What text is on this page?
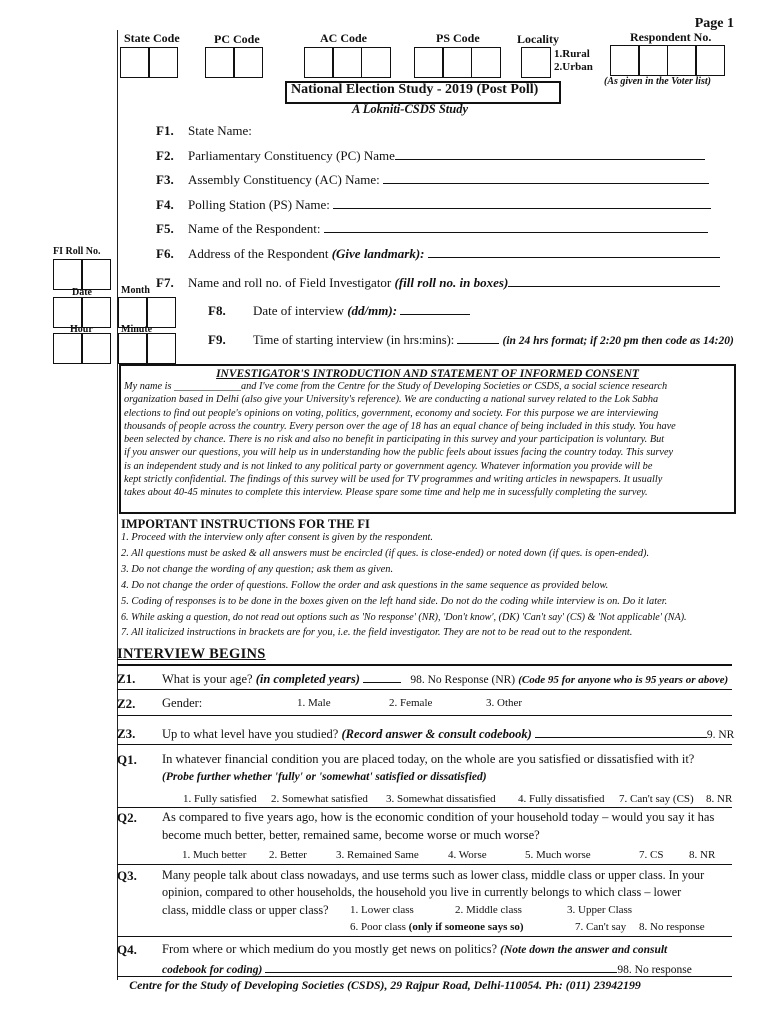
Page 1
State Code	PC Code	AC Code	PS Code	Locality	Respondent No.
1.Rural
2.Urban
(As given in the Voter list)
National Election Study - 2019 (Post Poll)
A Lokniti-CSDS Study
FI Roll No.
Date	Month
Hour	Minute
F1. State Name:
F2. Parliamentary Constituency (PC) Name
F3. Assembly Constituency (AC) Name:
F4. Polling Station (PS) Name:
F5. Name of the Respondent:
F6. Address of the Respondent (Give landmark):
F7. Name and roll no. of Field Investigator (fill roll no. in boxes)
F8. Date of interview (dd/mm):
F9. Time of starting interview (in hrs:mins):	(in 24 hrs format; if 2:20 pm then code as 14:20)
INVESTIGATOR'S INTRODUCTION AND STATEMENT OF INFORMED CONSENT
My name is _____________and I've come from the Centre for the Study of Developing Societies or CSDS, a social science research
organization based in Delhi (also give your University's reference). We are conducting a national survey related to the Lok Sabha
elections to find out people's opinions on voting, politics, government, economy and society. For this purpose we are interviewing
thousands of people across the country. Every person over the age of 18 has an equal chance of being included in this study. You have
been selected by chance. There is no risk and also no benefit in participating in this survey and your participation is voluntary. But
if you answer our questions, you will help us in understanding how the public feels about issues facing the country today. This survey
is an independent study and is not linked to any political party or government agency. Whatever information you provide will be
kept strictly confidential. The findings of this survey will be used for TV programmes and writing articles in newspapers. It usually
takes about 40-45 minutes to complete this interview. Please spare some time and help me in sucessfully completing the survey.
IMPORTANT INSTRUCTIONS FOR THE FI
1. Proceed with the interview only after consent is given by the respondent.
2. All questions must be asked & all answers must be encircled (if ques. is close-ended) or noted down (if ques. is open-ended).
3. Do not change the wording of any question; ask them as given.
4. Do not change the order of questions. Follow the order and ask questions in the same sequence as provided below.
5. Coding of responses is to be done in the boxes given on the left hand side. Do not do the coding while interview is on. Do it later.
6. While asking a question, do not read out options such as 'No response' (NR), 'Don't know', (DK) 'Can't say' (CS) & 'Not applicable' (NA).
7. All italicized instructions in brackets are for you, i.e. the field investigator. They are not to be read out to the respondent.
INTERVIEW BEGINS
Z1. What is your age? (in completed years)	98. No Response (NR) (Code 95 for anyone who is 95 years or above)
Z2. Gender:	1. Male	2. Female	3. Other
Z3. Up to what level have you studied? (Record answer & consult codebook)	9. NR
Q1. In whatever financial condition you are placed today, on the whole are you satisfied or dissatisfied with it?
(Probe further whether 'fully' or 'somewhat' satisfied or dissatisfied)
1. Fully satisfied 2. Somewhat satisfied 3. Somewhat dissatisfied 4. Fully dissatisfied 7. Can't say (CS) 8. NR
Q2. As compared to five years ago, how is the economic condition of your household today – would you say it has
become much better, better, remained same, become worse or much worse?
1. Much better 2. Better	3. Remained Same	4. Worse	5. Much worse	7. CS 8. NR
Q3. Many people talk about class nowadays, and use terms such as lower class, middle class or upper class. In your
opinion, compared to other households, the household you live in currently belongs to which class – lower
class, middle class or upper class? 1. Lower class	2. Middle class	3. Upper Class
6. Poor class (only if someone says so)	7. Can't say 8. No response
Q4. From where or which medium do you mostly get news on politics? (Note down the answer and consult
codebook for coding)	98. No response
Centre for the Study of Developing Societies (CSDS), 29 Rajpur Road, Delhi-110054. Ph: (011) 23942199
